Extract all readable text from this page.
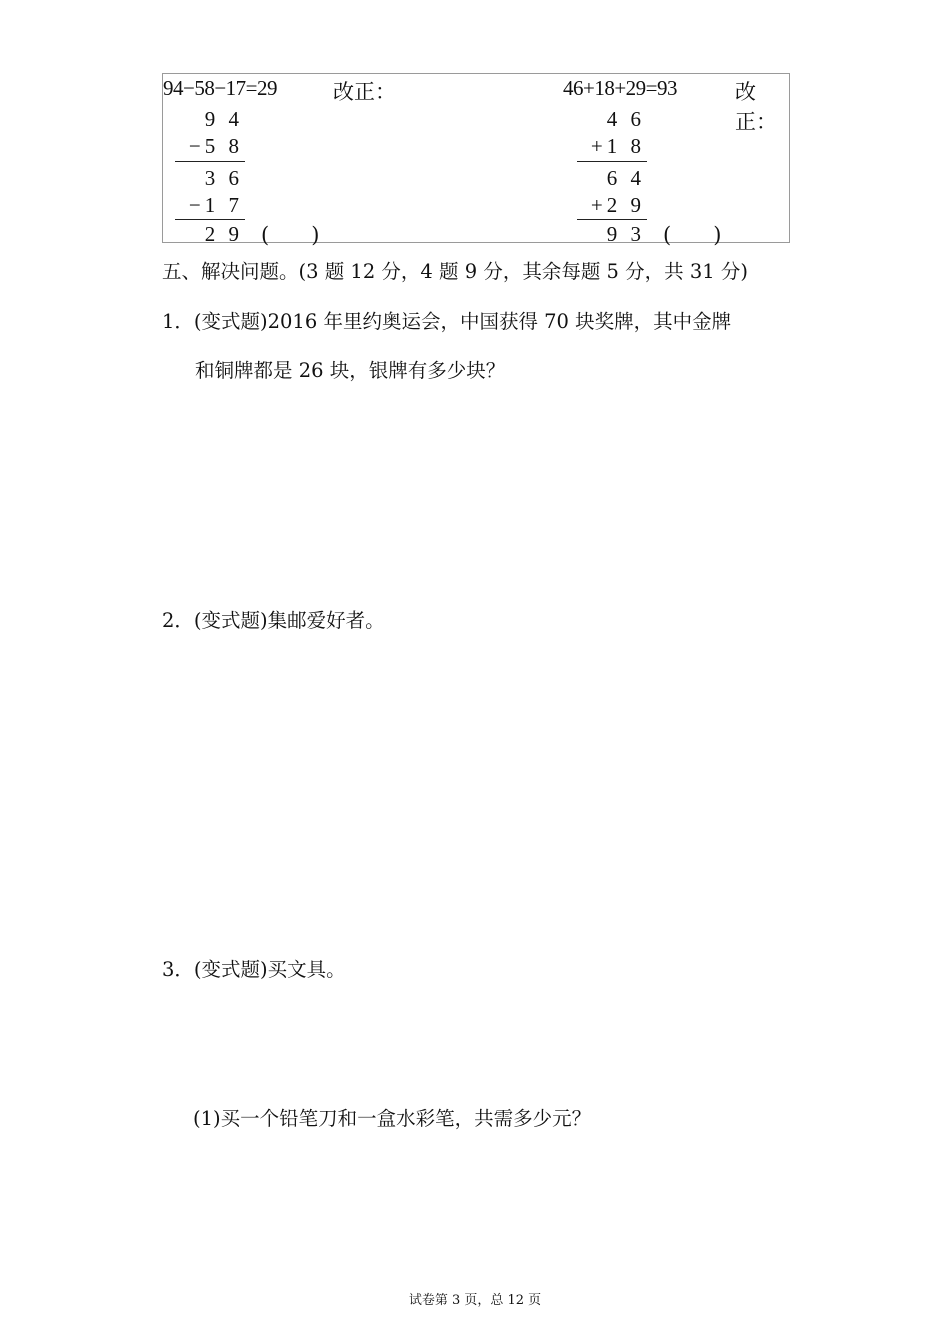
94−58−17=29	改正：
9 4
−5 8
3 6
−1 7
2 9 (　　)
46+18+29=93	改正：
4 6
+1 8
6 4
+2 9
9 3 (　　)
五、解决问题。(3 题 12 分，4 题 9 分，其余每题 5 分，共 31 分)
1．(变式题)2016 年里约奥运会，中国获得 70 块奖牌，其中金牌
和铜牌都是 26 块，银牌有多少块？
2．(变式题)集邮爱好者。
3．(变式题)买文具。
(1)买一个铅笔刀和一盒水彩笔，共需多少元？
试卷第 3 页，总 12 页
